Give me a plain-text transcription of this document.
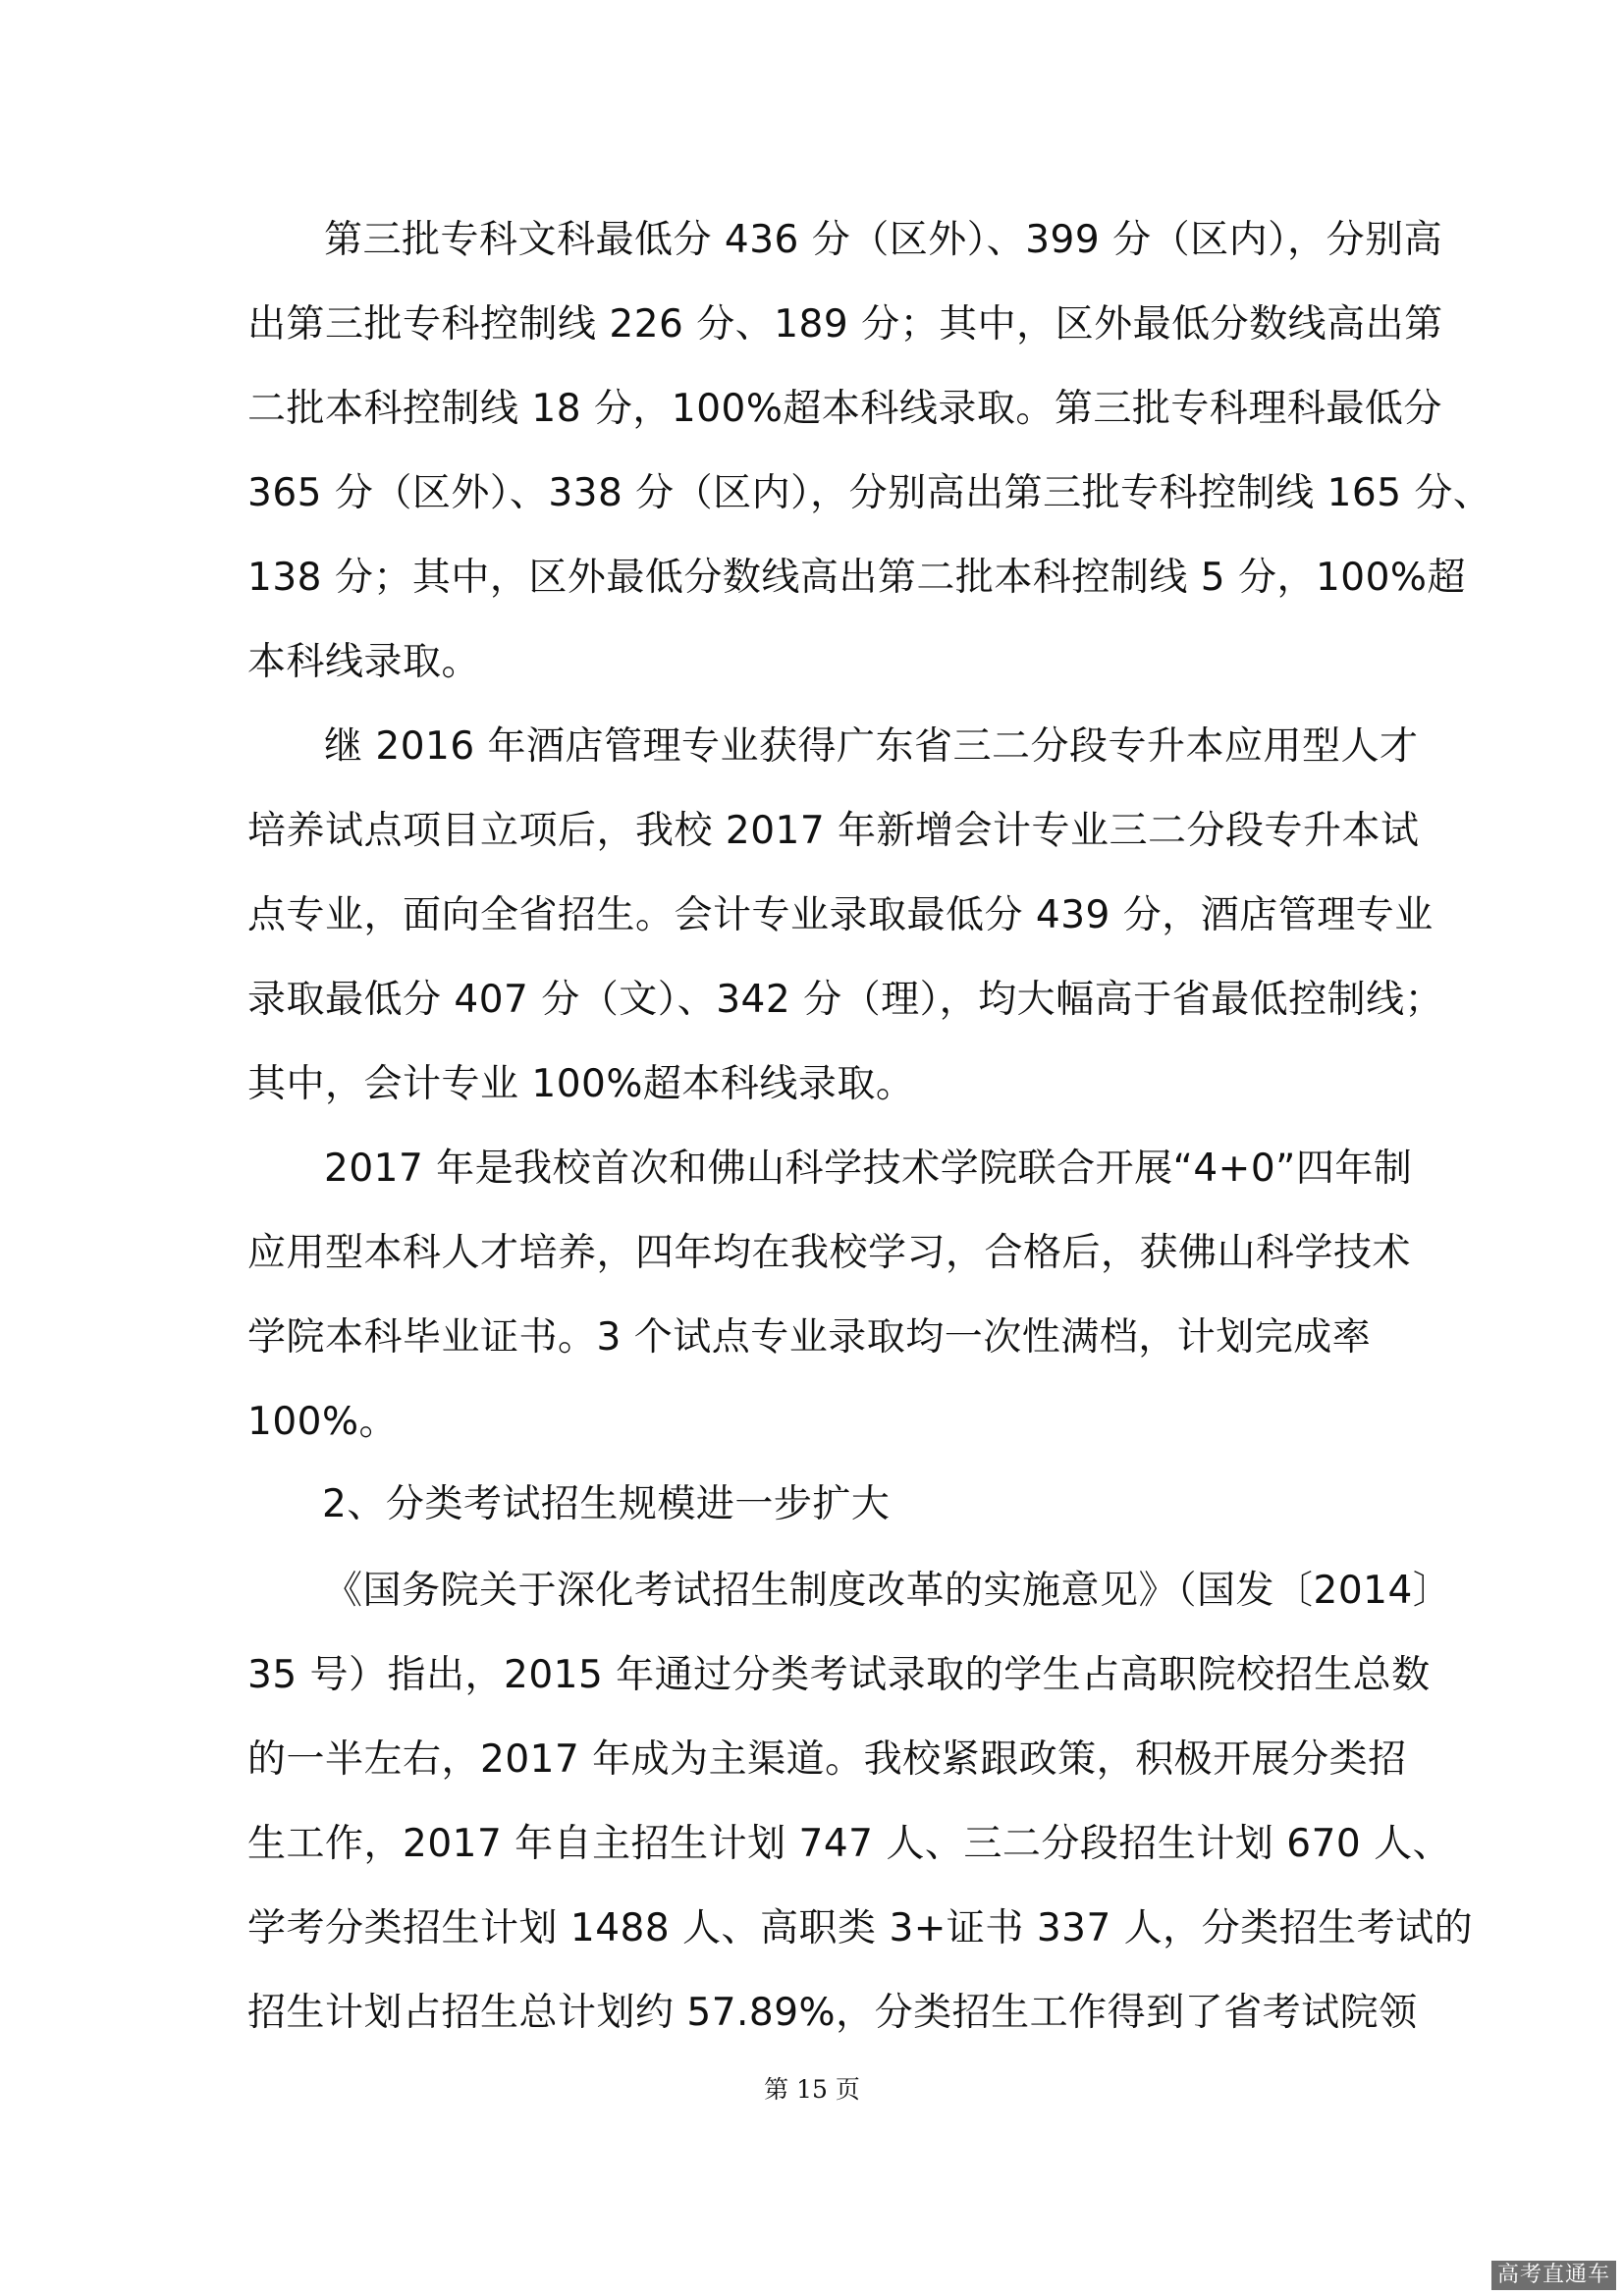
第三批专科文科最低分 436 分（区外）、399 分（区内），分别高
出第三批专科控制线 226 分、189 分；其中，区外最低分数线高出第
二批本科控制线 18 分，100%超本科线录取。第三批专科理科最低分
365 分（区外）、338 分（区内），分别高出第三批专科控制线 165 分、
138 分；其中，区外最低分数线高出第二批本科控制线 5 分，100%超
本科线录取。
继 2016 年酒店管理专业获得广东省三二分段专升本应用型人才
培养试点项目立项后，我校 2017 年新增会计专业三二分段专升本试
点专业，面向全省招生。会计专业录取最低分 439 分，酒店管理专业
录取最低分 407 分（文）、342 分（理），均大幅高于省最低控制线；
其中，会计专业 100%超本科线录取。
2017 年是我校首次和佛山科学技术学院联合开展“4+0”四年制
应用型本科人才培养，四年均在我校学习，合格后，获佛山科学技术
学院本科毕业证书。3 个试点专业录取均一次性满档，计划完成率
100%。
2、分类考试招生规模进一步扩大
《国务院关于深化考试招生制度改革的实施意见》（国发〔2014〕
35 号）指出，2015 年通过分类考试录取的学生占高职院校招生总数
的一半左右，2017 年成为主渠道。我校紧跟政策，积极开展分类招
生工作，2017 年自主招生计划 747 人、三二分段招生计划 670 人、
学考分类招生计划 1488 人、高职类 3+证书 337 人，分类招生考试的
招生计划占招生总计划约 57.89%，分类招生工作得到了省考试院领
第 15 页
高考直通车
